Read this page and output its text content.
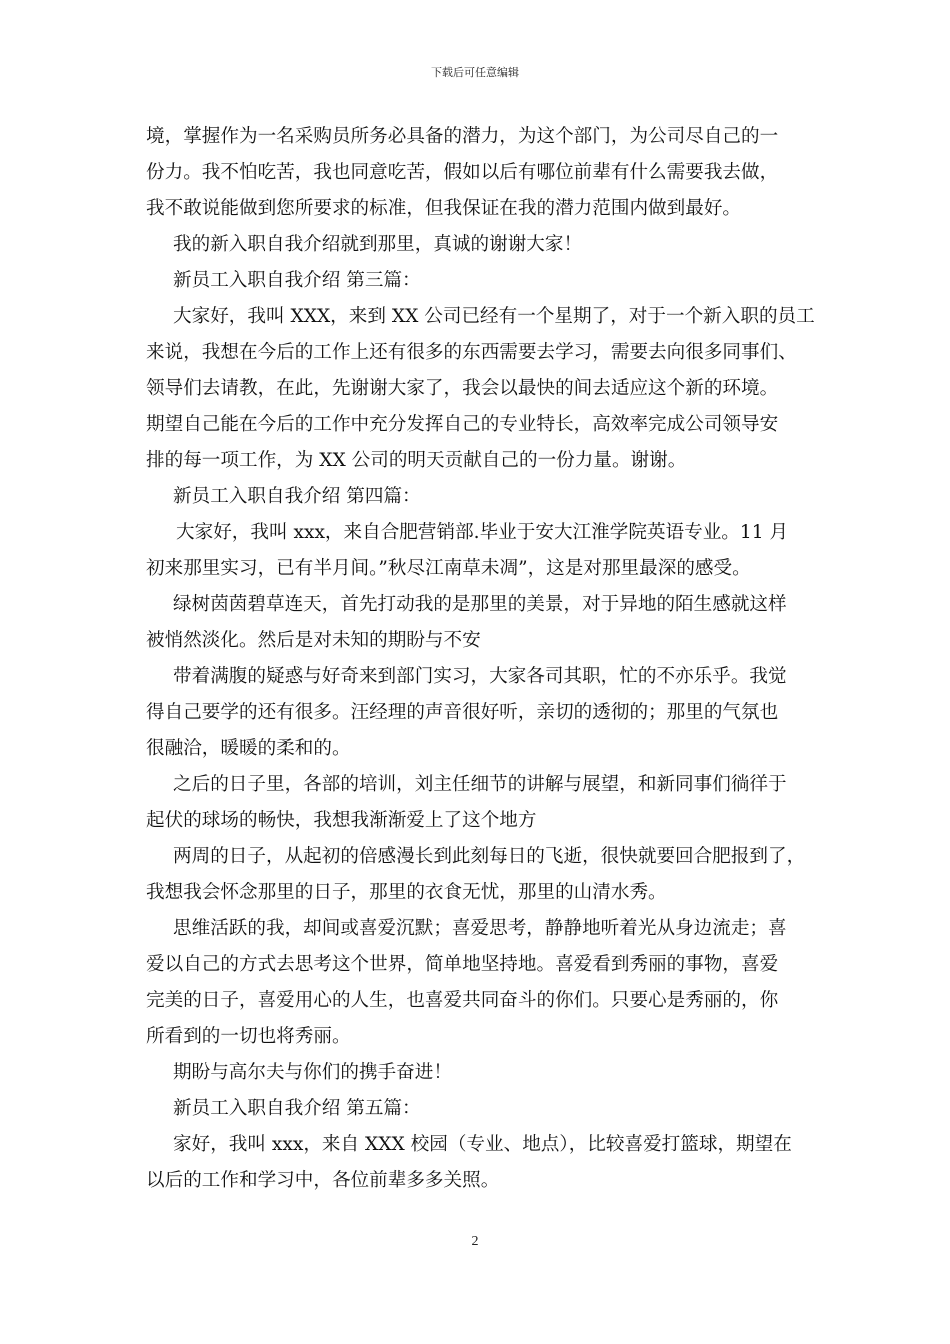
下载后可任意编辑
境，掌握作为一名采购员所务必具备的潜力，为这个部门，为公司尽自己的一
份力。我不怕吃苦，我也同意吃苦，假如以后有哪位前辈有什么需要我去做，
我不敢说能做到您所要求的标准，但我保证在我的潜力范围内做到最好。
我的新入职自我介绍就到那里，真诚的谢谢大家！
新员工入职自我介绍 第三篇：
大家好，我叫 XXX，来到 XX 公司已经有一个星期了，对于一个新入职的员工
来说，我想在今后的工作上还有很多的东西需要去学习，需要去向很多同事们、
领导们去请教，在此，先谢谢大家了，我会以最快的间去适应这个新的环境。
期望自己能在今后的工作中充分发挥自己的专业特长，高效率完成公司领导安
排的每一项工作，为 XX 公司的明天贡献自己的一份力量。谢谢。
新员工入职自我介绍 第四篇：
大家好，我叫 xxx，来自合肥营销部.毕业于安大江淮学院英语专业。11 月
初来那里实习，已有半月间。”秋尽江南草未凋”，这是对那里最深的感受。
绿树茵茵碧草连天，首先打动我的是那里的美景，对于异地的陌生感就这样
被悄然淡化。然后是对未知的期盼与不安
带着满腹的疑惑与好奇来到部门实习，大家各司其职，忙的不亦乐乎。我觉
得自己要学的还有很多。汪经理的声音很好听，亲切的透彻的；那里的气氛也
很融洽，暖暖的柔和的。
之后的日子里，各部的培训，刘主任细节的讲解与展望，和新同事们徜徉于
起伏的球场的畅快，我想我渐渐爱上了这个地方
两周的日子，从起初的倍感漫长到此刻每日的飞逝，很快就要回合肥报到了，
我想我会怀念那里的日子，那里的衣食无忧，那里的山清水秀。
思维活跃的我，却间或喜爱沉默；喜爱思考，静静地听着光从身边流走；喜
爱以自己的方式去思考这个世界，简单地坚持地。喜爱看到秀丽的事物，喜爱
完美的日子，喜爱用心的人生，也喜爱共同奋斗的你们。只要心是秀丽的，你
所看到的一切也将秀丽。
期盼与高尔夫与你们的携手奋进！
新员工入职自我介绍 第五篇：
家好，我叫 xxx，来自 XXX 校园（专业、地点），比较喜爱打篮球，期望在
以后的工作和学习中，各位前辈多多关照。
2
